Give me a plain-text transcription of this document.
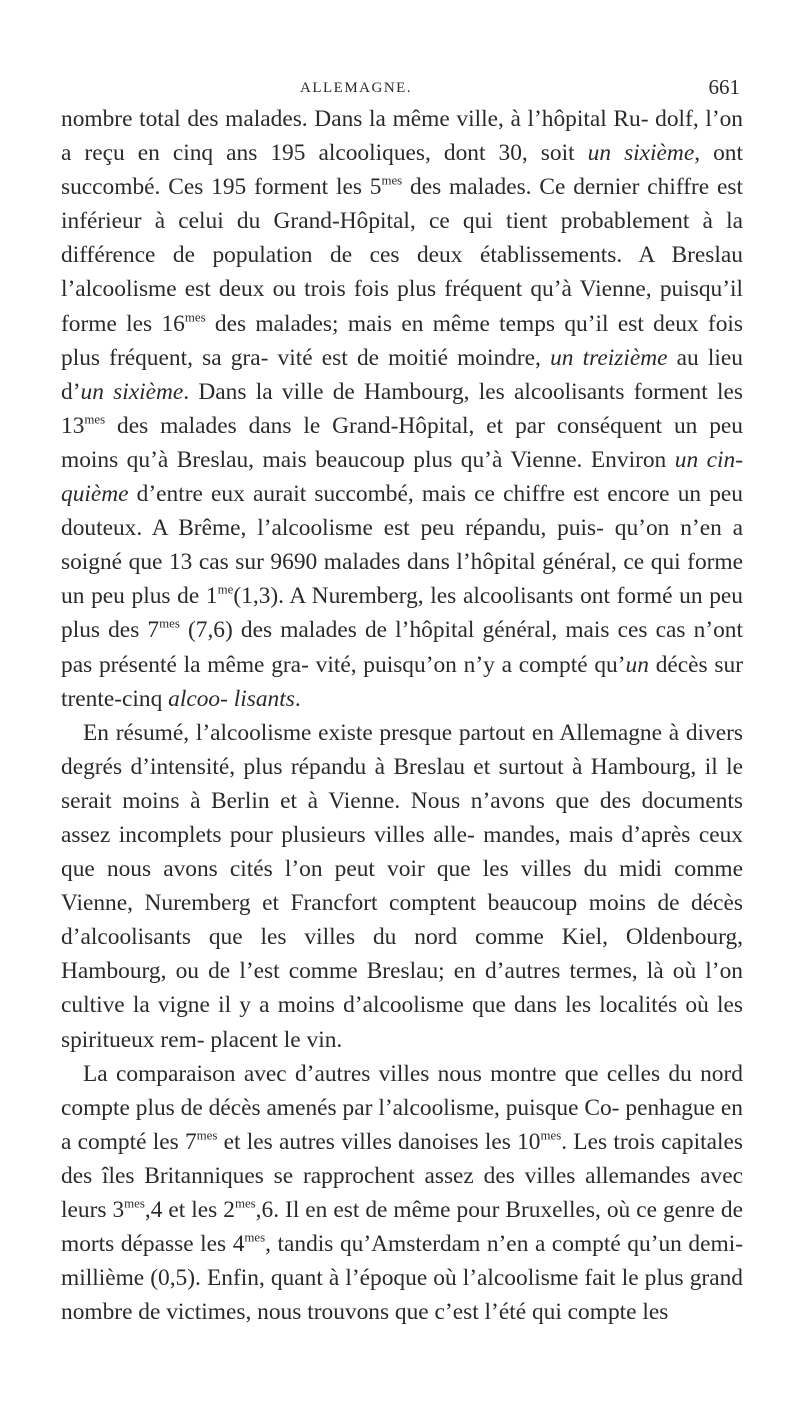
ALLEMAGNE.	661

nombre total des malades. Dans la même ville, à l’hôpital Ru- dolf, l’on a reçu en cinq ans 195 alcooliques, dont 30, soit un sixième, ont succombé. Ces 195 forment les $5^{mes}$ des malades. Ce dernier chiffre est inférieur à celui du Grand-Hôpital, ce qui tient probablement à la différence de population de ces deux établissements. A Breslau l’alcoolisme est deux ou trois fois plus fréquent qu’à Vienne, puisqu’il forme les $16^{mes}$ des malades; mais en même temps qu’il est deux fois plus fréquent, sa gra- vité est de moitié moindre, un treizième au lieu d’un sixième. Dans la ville de Hambourg, les alcoolisants forment les $13^{mes}$ des malades dans le Grand-Hôpital, et par conséquent un peu moins qu’à Breslau, mais beaucoup plus qu’à Vienne. Environ un cin- quième d’entre eux aurait succombé, mais ce chiffre est encore un peu douteux. A Brême, l’alcoolisme est peu répandu, puis- qu’on n’en a soigné que 13 cas sur 9690 malades dans l’hôpital général, ce qui forme un peu plus de $1^{me}(1,3)$. A Nuremberg, les alcoolisants ont formé un peu plus des $7^{mes}$ (7,6) des malades de l’hôpital général, mais ces cas n’ont pas présenté la même gra- vité, puisqu’on n’y a compté qu’un décès sur trente-cinq alcoo- lisants.

En résumé, l’alcoolisme existe presque partout en Allemagne à divers degrés d’intensité, plus répandu à Breslau et surtout à Hambourg, il le serait moins à Berlin et à Vienne. Nous n’avons que des documents assez incomplets pour plusieurs villes alle- mandes, mais d’après ceux que nous avons cités l’on peut voir que les villes du midi comme Vienne, Nuremberg et Francfort comptent beaucoup moins de décès d’alcoolisants que les villes du nord comme Kiel, Oldenbourg, Hambourg, ou de l’est comme Breslau; en d’autres termes, là où l’on cultive la vigne il y a moins d’alcoolisme que dans les localités où les spiritueux rem- placent le vin.

La comparaison avec d’autres villes nous montre que celles du nord compte plus de décès amenés par l’alcoolisme, puisque Co- penhague en a compté les $7^{mes}$ et les autres villes danoises les $10^{mes}$. Les trois capitales des îles Britanniques se rapprochent assez des villes allemandes avec leurs $3^{mes},4$ et les $2^{mes},6$. Il en est de même pour Bruxelles, où ce genre de morts dépasse les $4^{mes}$, tandis qu’Amsterdam n’en a compté qu’un demi-millième (0,5). Enfin, quant à l’époque où l’alcoolisme fait le plus grand nombre de victimes, nous trouvons que c’est l’été qui compte les
